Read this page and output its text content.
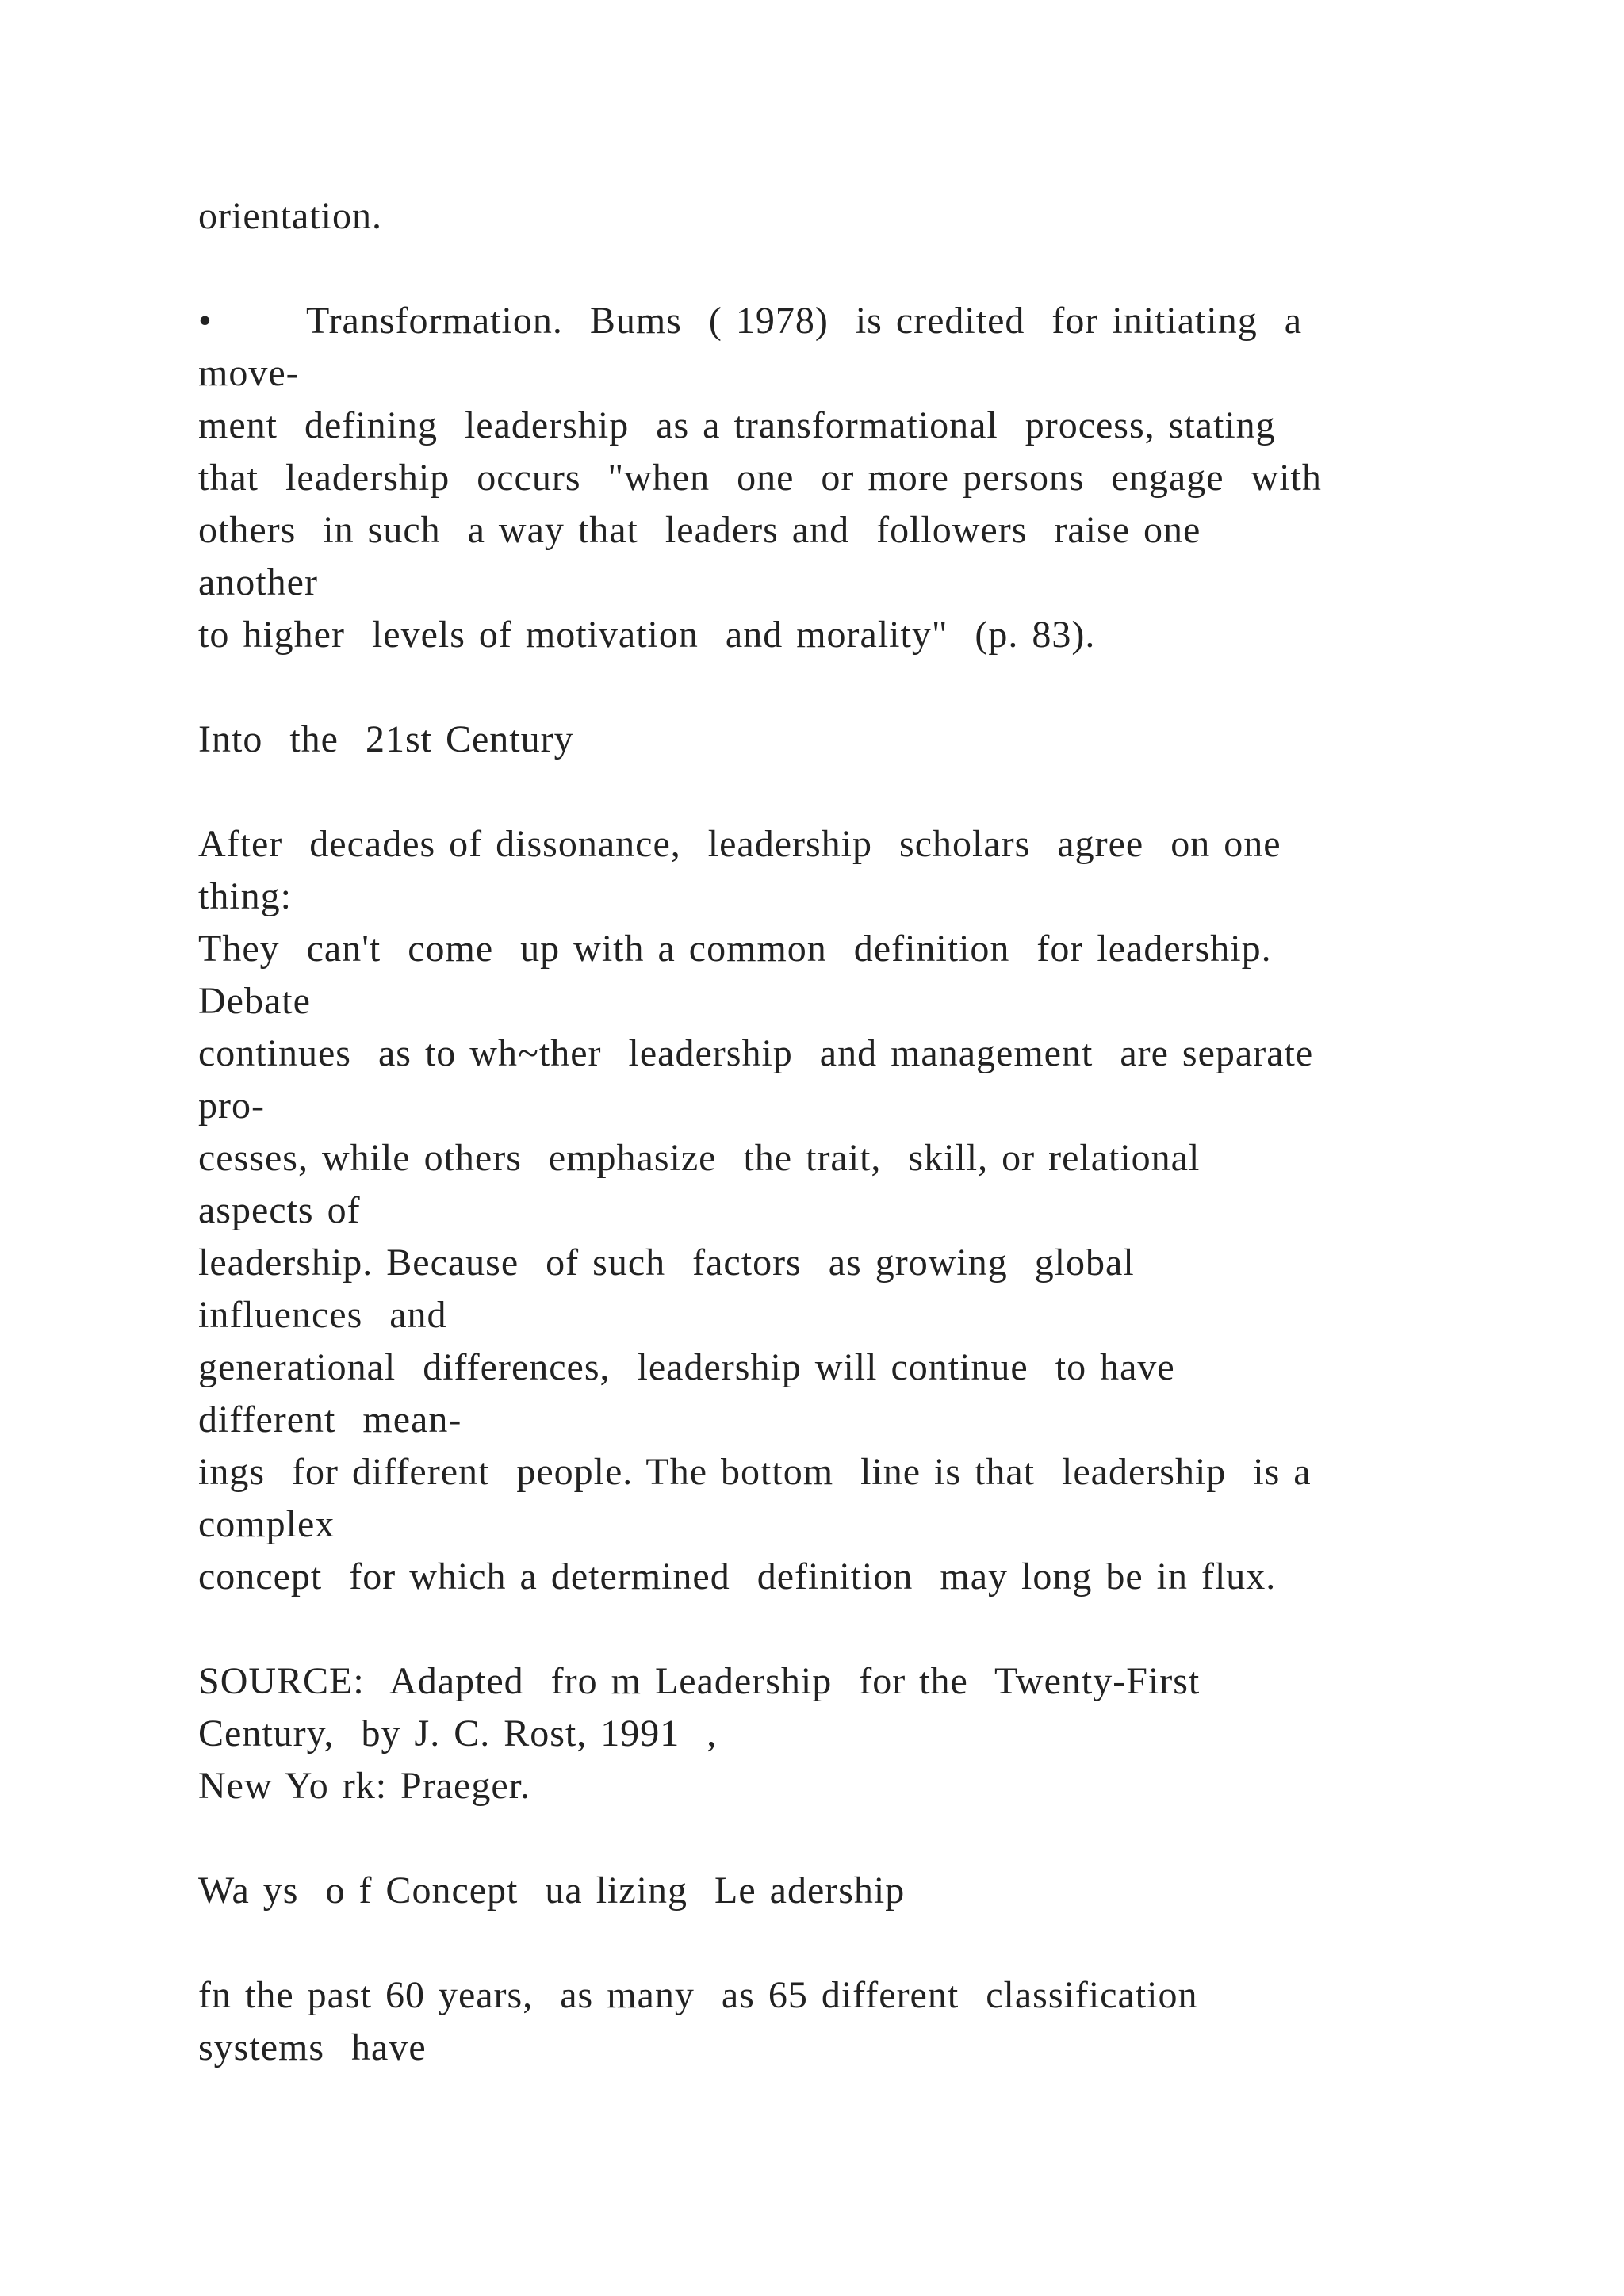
orientation.
•       Transformation.  Bums  ( 1978)  is credited  for initiating  a
move-
ment  defining  leadership  as a transformational  process, stating
that  leadership  occurs  "when  one  or more persons  engage  with
others  in such  a way that  leaders and  followers  raise one
another
to higher  levels of motivation  and morality"  (p. 83).
Into  the  21st Century
After  decades of dissonance,  leadership  scholars  agree  on one
thing:
They  can't  come  up with a common  definition  for leadership.
Debate
continues  as to wh~ther  leadership  and management  are separate
pro-
cesses, while others  emphasize  the trait,  skill, or relational
aspects of
leadership. Because  of such  factors  as growing  global
influences  and
generational  differences,  leadership will continue  to have
different  mean-
ings  for different  people. The bottom  line is that  leadership  is a
complex
concept  for which a determined  definition  may long be in flux.
SOURCE:  Adapted  fro m Leadership  for the  Twenty-First
Century,  by J. C. Rost, 1991  ,
New Yo rk: Praeger.
Wa ys  o f Concept  ua lizing  Le adership
fn the past 60 years,  as many  as 65 different  classification
systems  have
